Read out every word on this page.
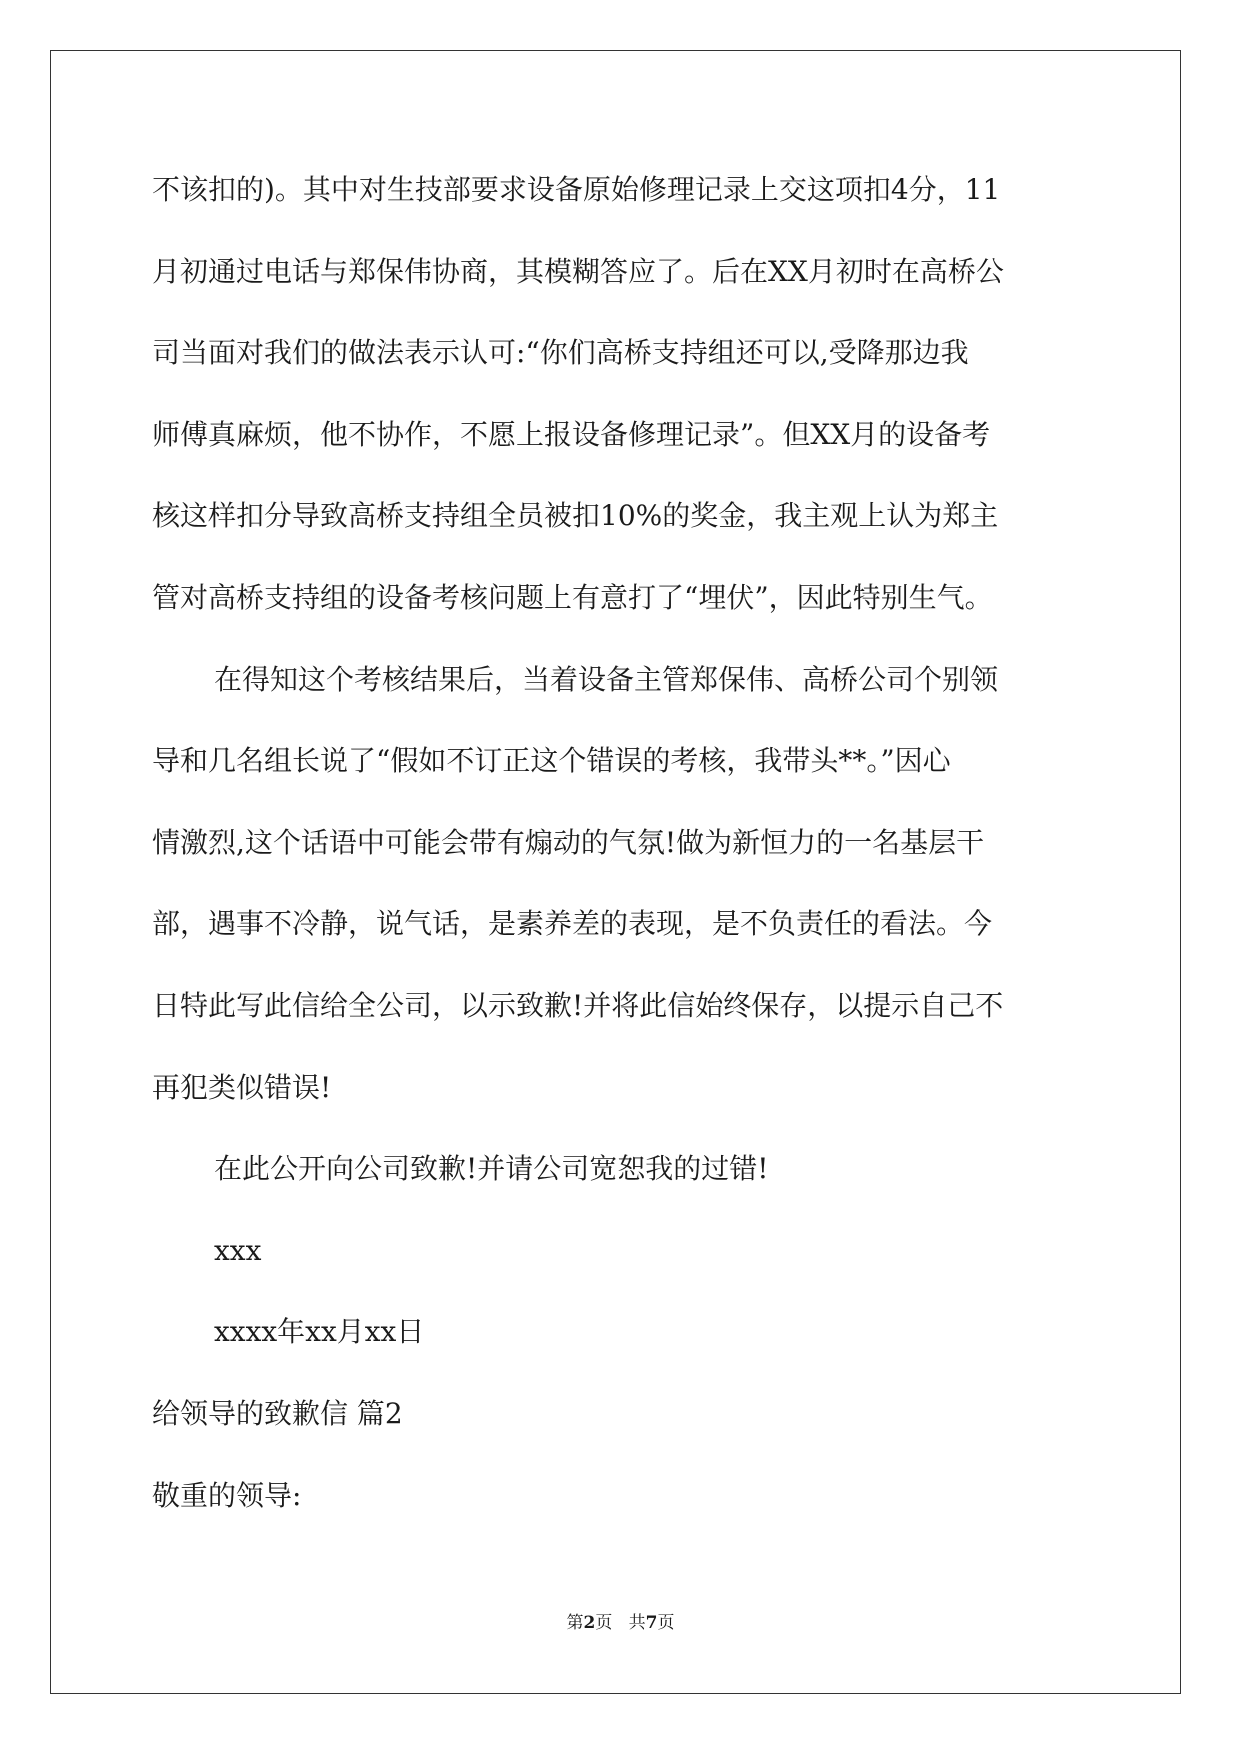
不该扣的)。其中对生技部要求设备原始修理记录上交这项扣4分，11
月初通过电话与郑保伟协商，其模糊答应了。后在XX月初时在高桥公
司当面对我们的做法表示认可:“你们高桥支持组还可以,受降那边我
师傅真麻烦，他不协作，不愿上报设备修理记录”。但XX月的设备考
核这样扣分导致高桥支持组全员被扣10%的奖金，我主观上认为郑主
管对高桥支持组的设备考核问题上有意打了“埋伏”，因此特别生气。
在得知这个考核结果后，当着设备主管郑保伟、高桥公司个别领
导和几名组长说了“假如不订正这个错误的考核，我带头**。”因心
情激烈,这个话语中可能会带有煽动的气氛!做为新恒力的一名基层干
部，遇事不冷静，说气话，是素养差的表现，是不负责任的看法。今
日特此写此信给全公司，以示致歉!并将此信始终保存，以提示自己不
再犯类似错误!
在此公开向公司致歉!并请公司宽恕我的过错!
xxx
xxxx年xx月xx日
给领导的致歉信 篇2
敬重的领导:
第2页   共7页
